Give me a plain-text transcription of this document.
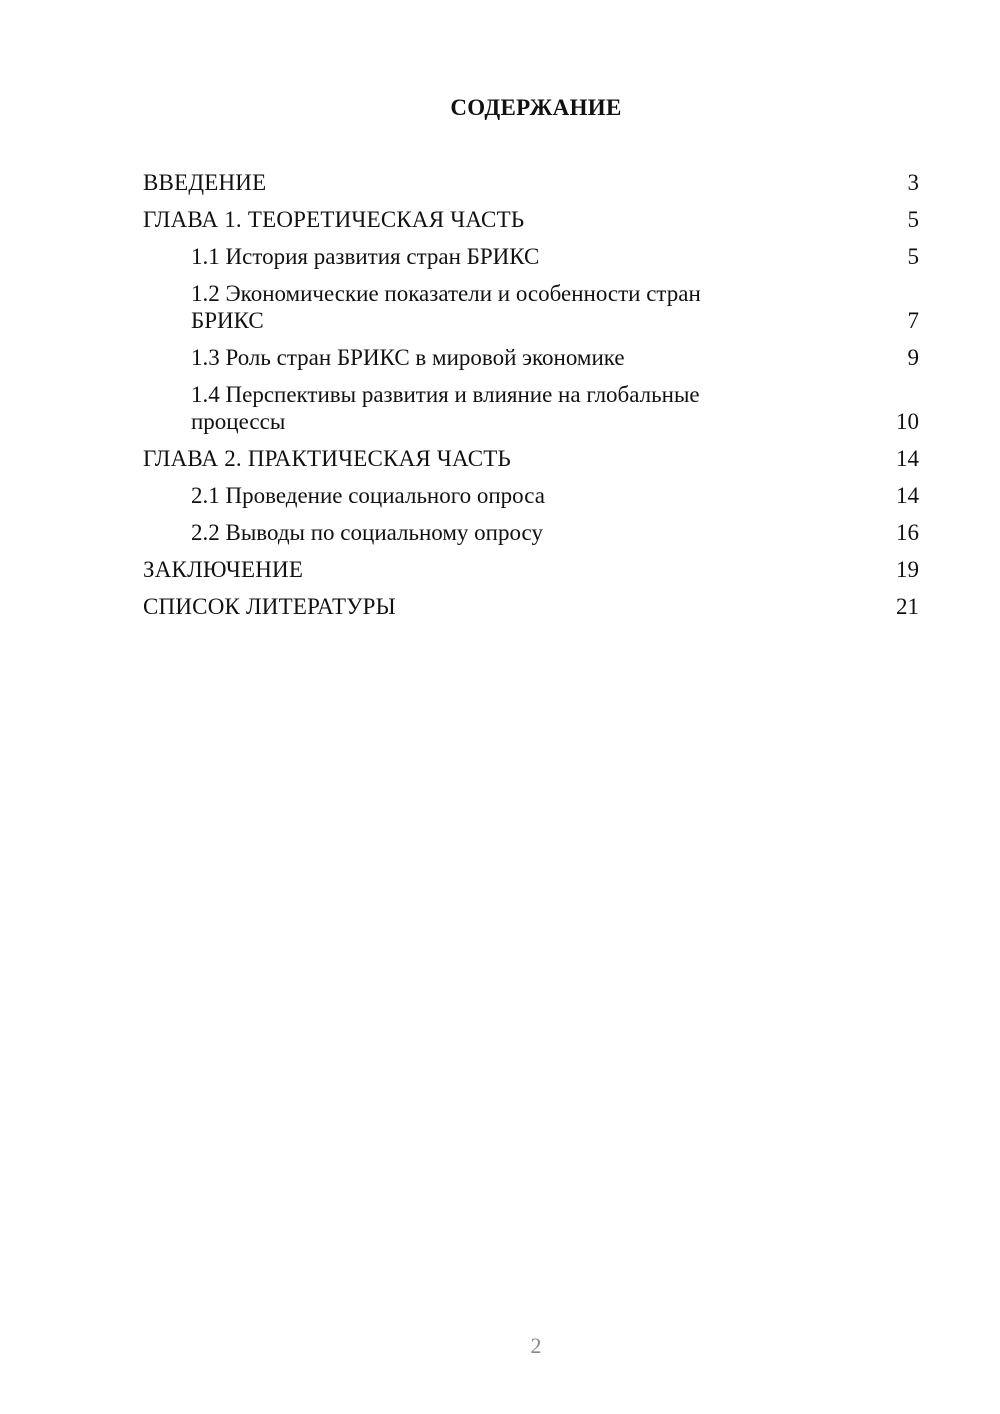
СОДЕРЖАНИЕ
ВВЕДЕНИЕ	3
ГЛАВА 1. ТЕОРЕТИЧЕСКАЯ ЧАСТЬ	5
1.1 История развития стран БРИКС	5
1.2 Экономические показатели и особенности стран БРИКС	7
1.3 Роль стран БРИКС в мировой экономике	9
1.4 Перспективы развития и влияние на глобальные процессы	10
ГЛАВА 2. ПРАКТИЧЕСКАЯ ЧАСТЬ	14
2.1 Проведение социального опроса	14
2.2 Выводы по социальному опросу	16
ЗАКЛЮЧЕНИЕ	19
СПИСОК ЛИТЕРАТУРЫ	21
2
